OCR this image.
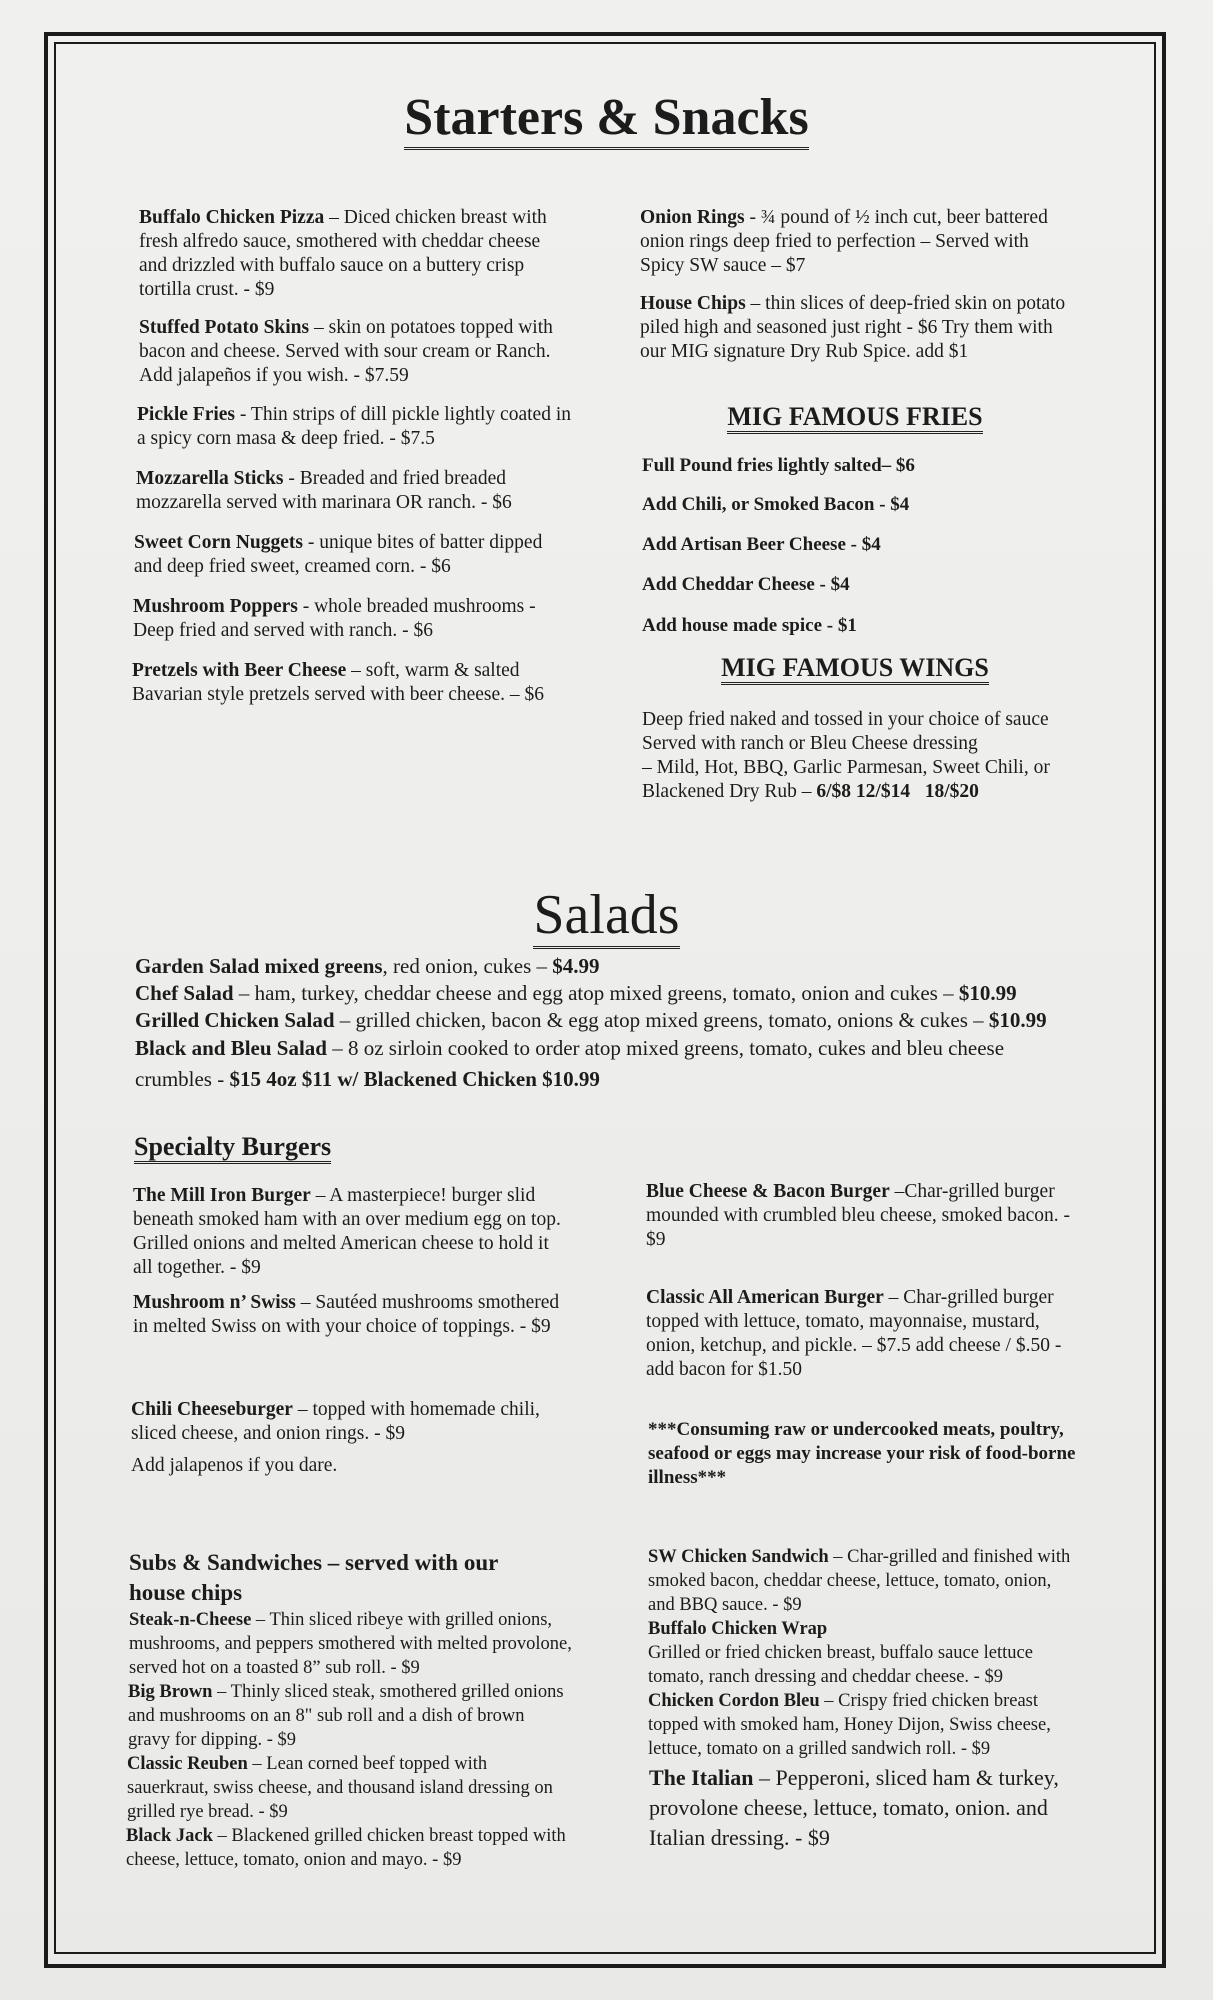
Starters & Snacks
Buffalo Chicken Pizza – Diced chicken breast with fresh alfredo sauce, smothered with cheddar cheese and drizzled with buffalo sauce on a buttery crisp tortilla crust. - $9
Stuffed Potato Skins – skin on potatoes topped with bacon and cheese. Served with sour cream or Ranch. Add jalapeños if you wish. - $7.59
Pickle Fries - Thin strips of dill pickle lightly coated in a spicy corn masa & deep fried. - $7.5
Mozzarella Sticks - Breaded and fried breaded mozzarella served with marinara OR ranch. - $6
Sweet Corn Nuggets - unique bites of batter dipped and deep fried sweet, creamed corn. - $6
Mushroom Poppers - whole breaded mushrooms - Deep fried and served with ranch. - $6
Pretzels with Beer Cheese – soft, warm & salted Bavarian style pretzels served with beer cheese. – $6
Onion Rings - ¾ pound of ½ inch cut, beer battered onion rings deep fried to perfection – Served with Spicy SW sauce – $7
House Chips – thin slices of deep-fried skin on potato piled high and seasoned just right - $6 Try them with our MIG signature Dry Rub Spice. add $1
MIG FAMOUS FRIES
Full Pound fries lightly salted– $6
Add Chili, or Smoked Bacon - $4
Add Artisan Beer Cheese - $4
Add Cheddar Cheese - $4
Add house made spice - $1
MIG FAMOUS WINGS
Deep fried naked and tossed in your choice of sauce
Served with ranch or Bleu Cheese dressing
– Mild, Hot, BBQ, Garlic Parmesan, Sweet Chili, or
Blackened Dry Rub – 6/$8 12/$14   18/$20
Salads
Garden Salad mixed greens, red onion, cukes – $4.99
Chef Salad – ham, turkey, cheddar cheese and egg atop mixed greens, tomato, onion and cukes – $10.99
Grilled Chicken Salad – grilled chicken, bacon & egg atop mixed greens, tomato, onions & cukes – $10.99
Black and Bleu Salad – 8 oz sirloin cooked to order atop mixed greens, tomato, cukes and bleu cheese crumbles - $15 4oz $11 w/ Blackened Chicken $10.99
Specialty Burgers
The Mill Iron Burger – A masterpiece! burger slid beneath smoked ham with an over medium egg on top. Grilled onions and melted American cheese to hold it all together. - $9
Mushroom n’ Swiss – Sautéed mushrooms smothered in melted Swiss on with your choice of toppings. - $9
Chili Cheeseburger – topped with homemade chili, sliced cheese, and onion rings. - $9
Add jalapenos if you dare.
Blue Cheese & Bacon Burger –Char-grilled burger mounded with crumbled bleu cheese, smoked bacon. - $9
Classic All American Burger – Char-grilled burger topped with lettuce, tomato, mayonnaise, mustard, onion, ketchup, and pickle. – $7.5 add cheese / $.50 - add bacon for $1.50
***Consuming raw or undercooked meats, poultry, seafood or eggs may increase your risk of food-borne illness***
Subs & Sandwiches – served with our house chips
Steak-n-Cheese – Thin sliced ribeye with grilled onions, mushrooms, and peppers smothered with melted provolone, served hot on a toasted 8” sub roll. - $9
Big Brown – Thinly sliced steak, smothered grilled onions and mushrooms on an 8" sub roll and a dish of brown gravy for dipping. - $9
Classic Reuben – Lean corned beef topped with sauerkraut, swiss cheese, and thousand island dressing on grilled rye bread. - $9
Black Jack – Blackened grilled chicken breast topped with cheese, lettuce, tomato, onion and mayo. - $9
SW Chicken Sandwich – Char-grilled and finished with smoked bacon, cheddar cheese, lettuce, tomato, onion, and BBQ sauce. - $9
Buffalo Chicken Wrap
Grilled or fried chicken breast, buffalo sauce lettuce tomato, ranch dressing and cheddar cheese. - $9
Chicken Cordon Bleu – Crispy fried chicken breast topped with smoked ham, Honey Dijon, Swiss cheese, lettuce, tomato on a grilled sandwich roll. - $9
The Italian – Pepperoni, sliced ham & turkey, provolone cheese, lettuce, tomato, onion. and Italian dressing. - $9
